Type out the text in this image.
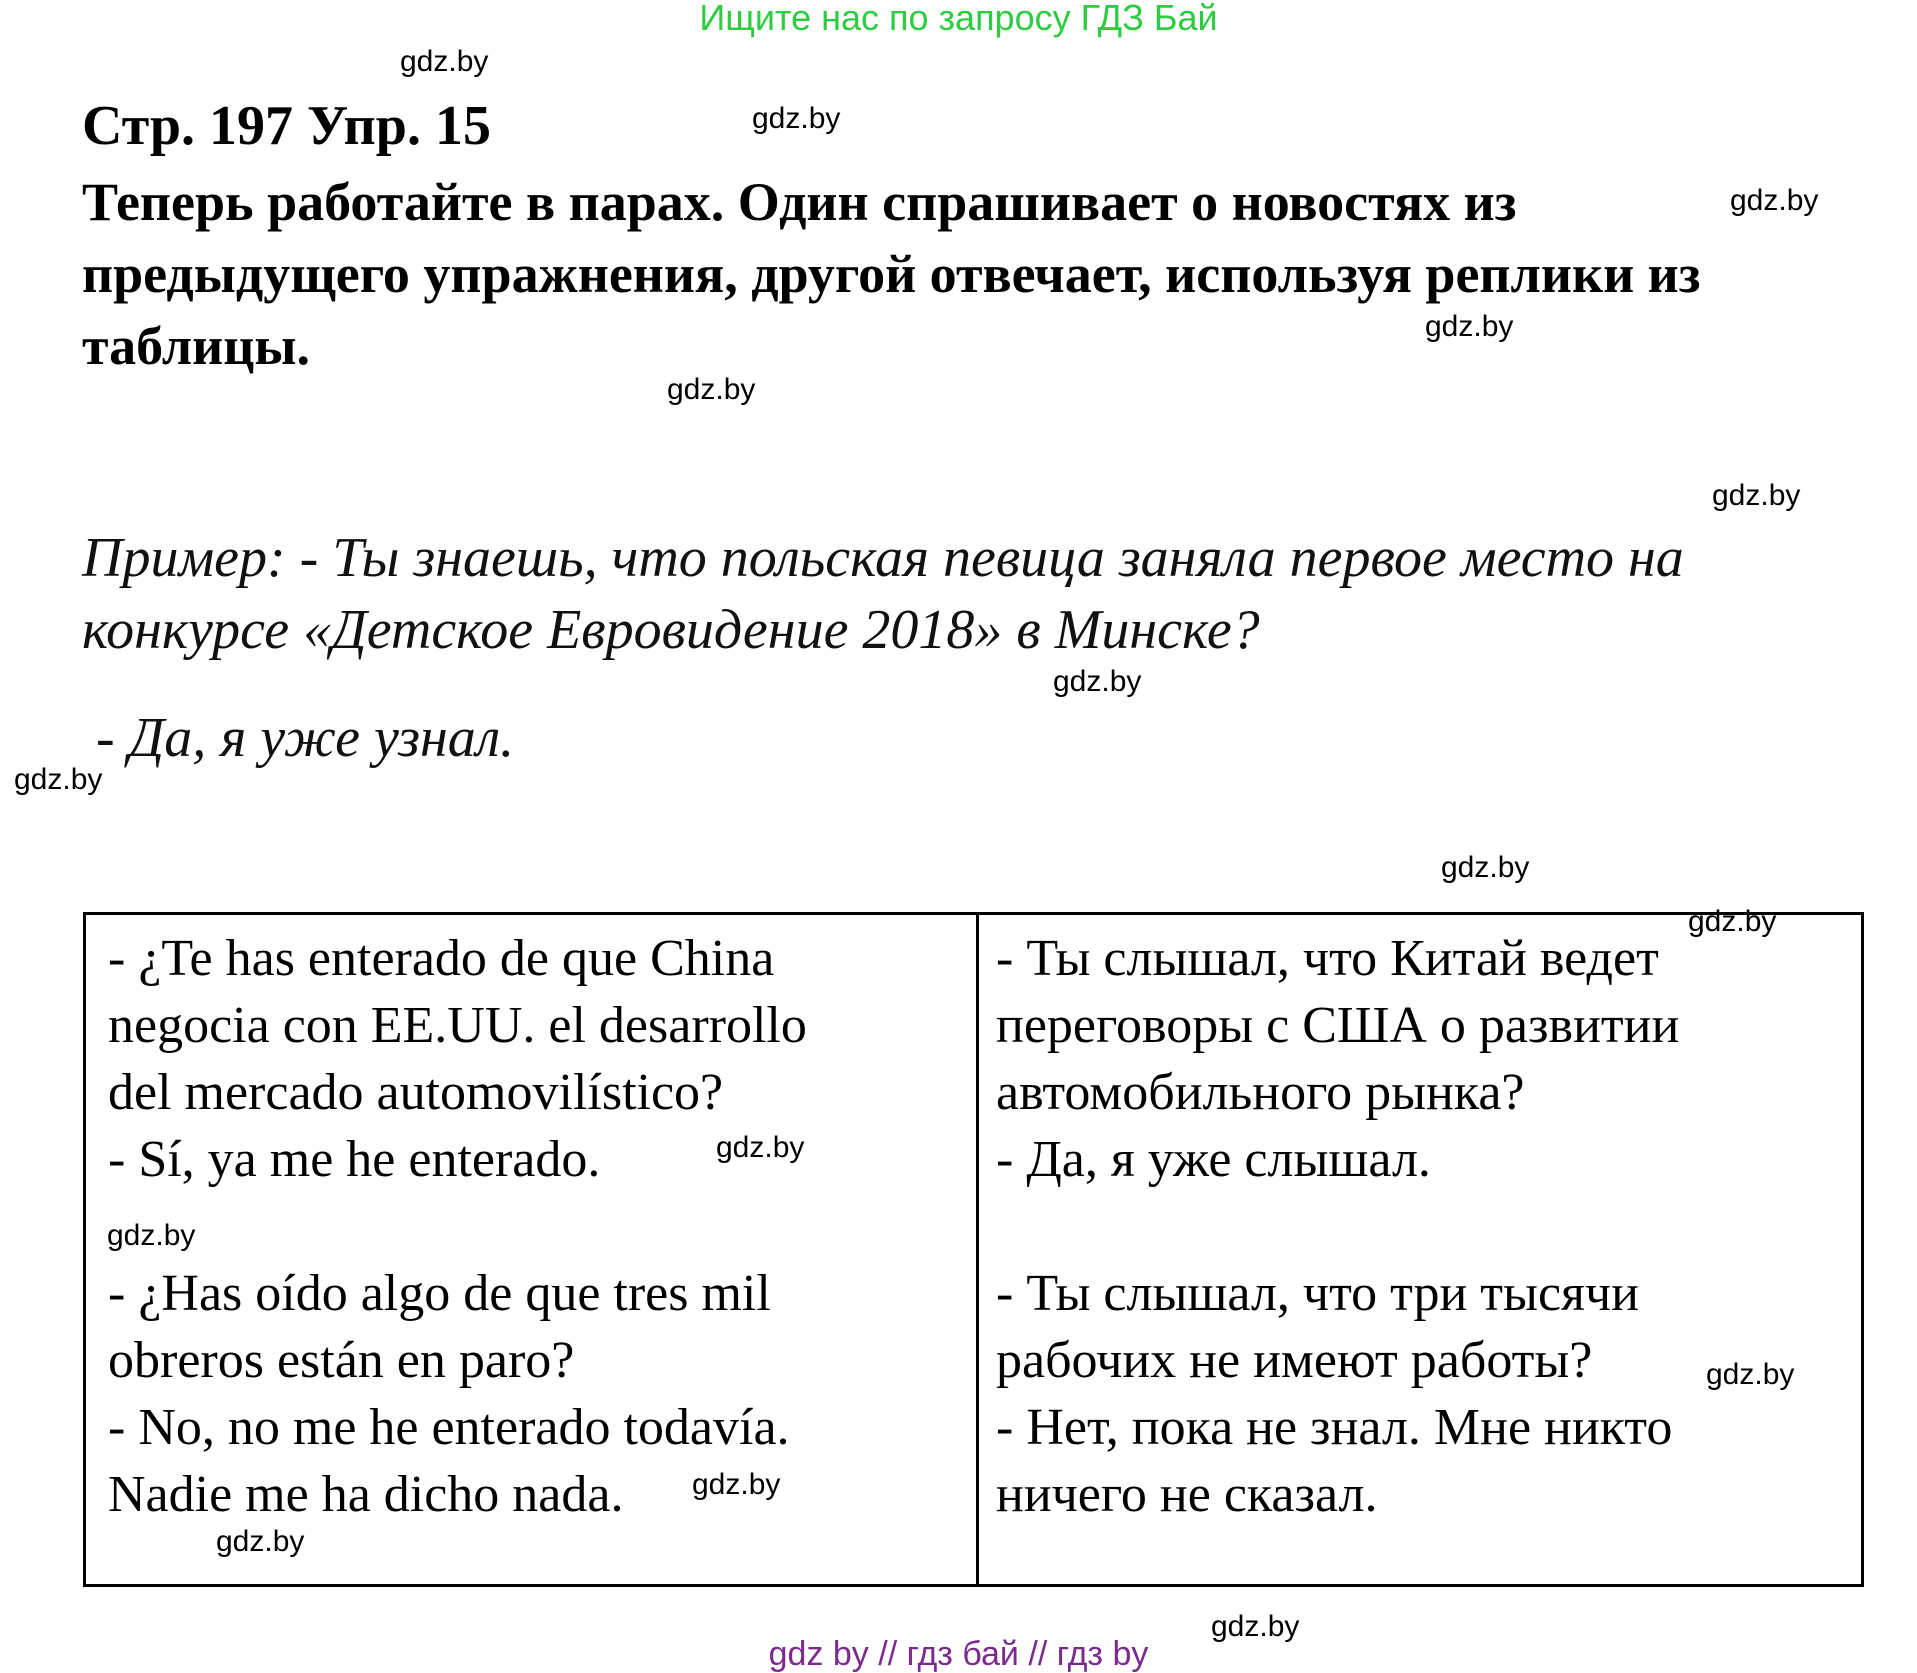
Ищите нас по запросу ГДЗ Бай
gdz.by
gdz.by
gdz.by
gdz.by
gdz.by
gdz.by
gdz.by
gdz.by
gdz.by
gdz.by
gdz.by
gdz.by
gdz.by
gdz.by
gdz.by
gdz.by
Стр. 197 Упр. 15
Теперь работайте в парах. Один спрашивает о новостях из
предыдущего упражнения, другой отвечает, используя реплики из
таблицы.
Пример: - Ты знаешь, что польская певица заняла первое место на
конкурсе «Детское Евровидение 2018» в Минске?
- Да, я уже узнал.
- ¿Te has enterado de que China
negocia con EE.UU. el desarrollo
del mercado automovilístico?
- Sí, ya me he enterado.
- ¿Has oído algo de que tres mil
obreros están en paro?
- No, no me he enterado todavía.
Nadie me ha dicho nada.
- Ты слышал, что Китай ведет
переговоры с США о развитии
автомобильного рынка?
- Да, я уже слышал.
- Ты слышал, что три тысячи
рабочих не имеют работы?
- Нет, пока не знал. Мне никто
ничего не сказал.
gdz by // гдз бай // гдз by
